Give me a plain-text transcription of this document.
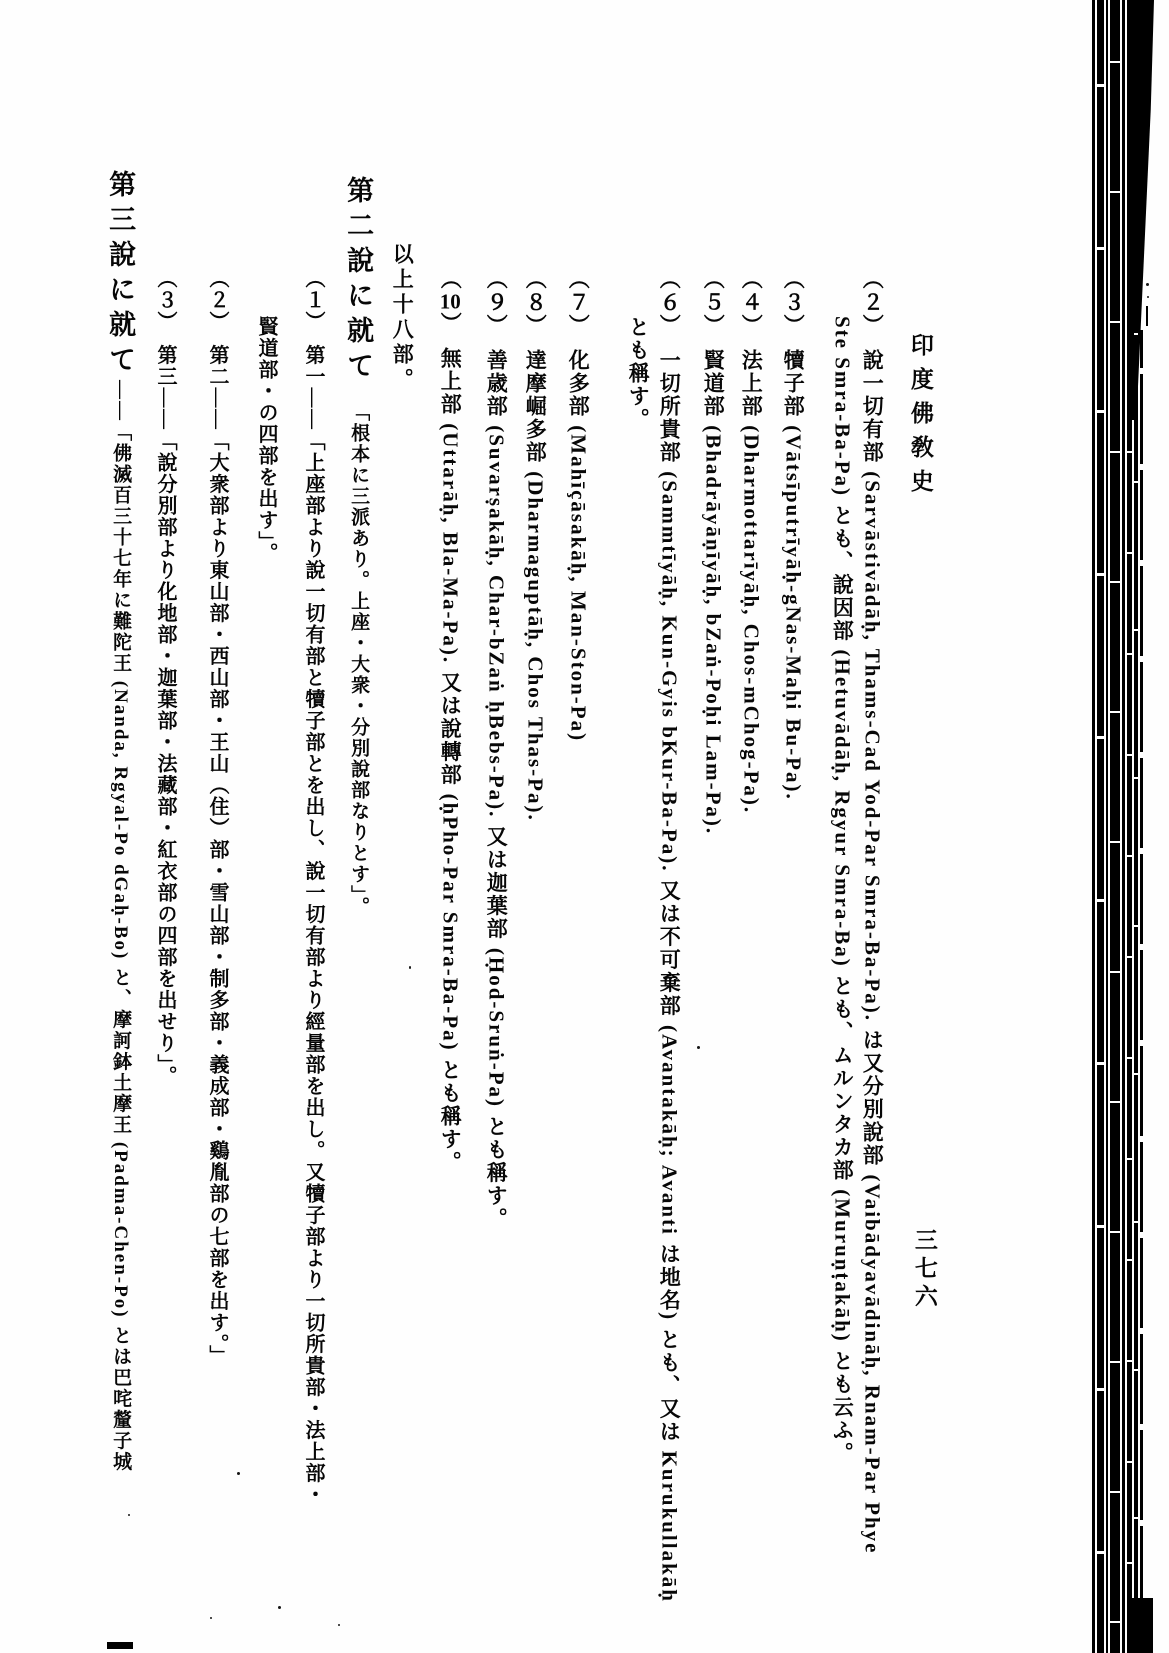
印度佛敎史
三七六
（２）說一切有部 (Sarvāstivādāḥ, Thams-Cad Yod-Par Smra-Ba-Pa). は又分別說部 (Vaibādyavādināḥ, Rnam-Par Phye
Ste Smra-Ba-Pa) とも、說因部 (Hetuvādāḥ, Rgyur Smra-Ba) とも、ムルンタカ部 (Muruṇṭakāḥ) とも云ふ。
（３）犢子部 (Vātsīputrīyāḥ-gNas-Maḥi Bu-Pa).
（４）法上部 (Dharmottarīyāḥ, Chos-mChog-Pa).
（５）賢道部 (Bhadrāyāṇīyāḥ, bZaṅ-Poḥi Lam-Pa).
（６）一切所貴部 (Sammtīyāḥ, Kun-Gyis bKur-Ba-Pa). 又は不可棄部 (Avantakāḥ; Avanti は地名) とも、又は Kurukullakāḥ
とも稱す。
（７）化多部 (Mahīçāsakāḥ, Man-Ston-Pa)
（８）達摩崛多部 (Dharmaguptāḥ, Chos Thas-Pa).
（９）善歳部 (Suvarṣakāḥ, Char-bZaṅ ḥBebs-Pa). 又は迦葉部 (Ḥod-Sruṅ-Pa) とも稱す。
（10）無上部 (Uttarāḥ, Bla-Ma-Pa). 又は說轉部 (ḥPho-Par Smra-Ba-Pa) とも稱す。
以上十八部。
第二說に就て「根本に三派あり。上座・大衆・分別說部なりとす」。
（１）第一——「上座部より說一切有部と犢子部とを出し、說一切有部より經量部を出し。又犢子部より一切所貴部・法上部・
賢道部・の四部を出す」。
（２）第二——「大衆部より東山部・西山部・王山（住）部・雪山部・制多部・義成部・鷄胤部の七部を出す。」
（３）第三——「說分別部より化地部・迦葉部・法藏部・紅衣部の四部を出せり」。
第三說に就て——「佛滅百三十七年に難陀王 (Nanda, Rgyal-Po dGaḥ-Bo) と、摩訶鉢土摩王 (Padma-Chen-Po) とは巴咤釐子城
